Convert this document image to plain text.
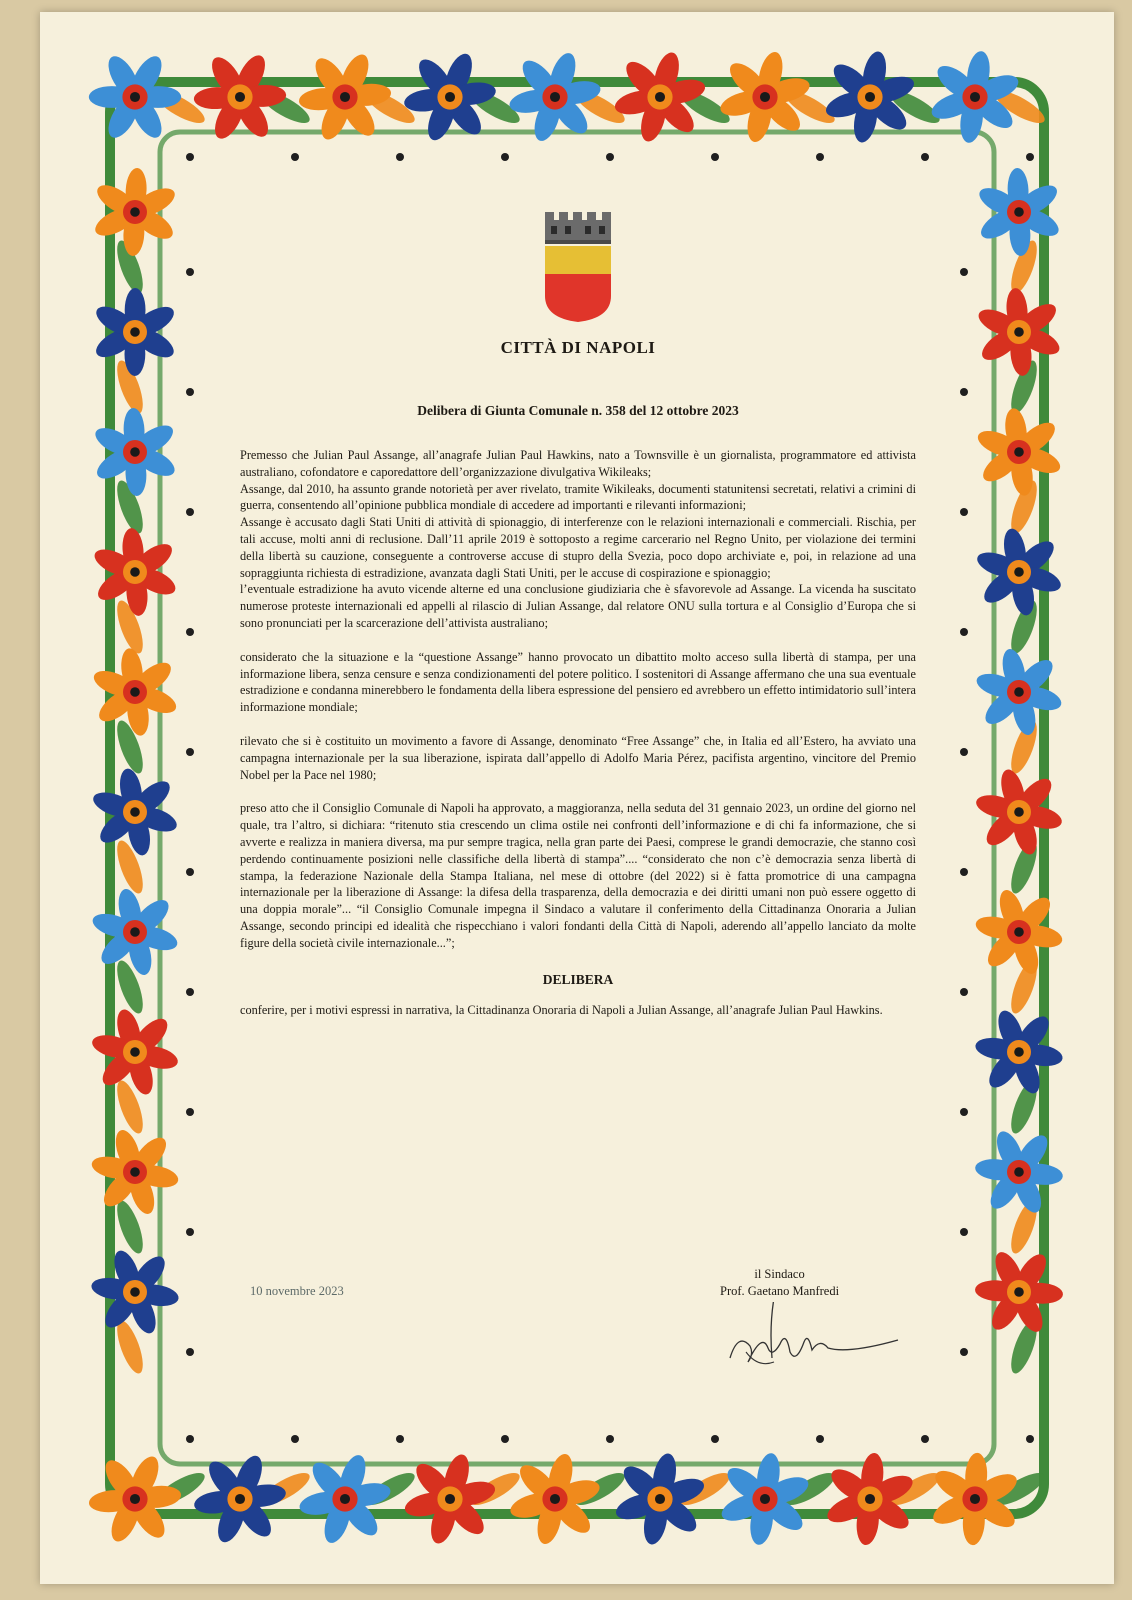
CITTÀ DI NAPOLI
Delibera di Giunta Comunale n. 358 del 12 ottobre 2023

Premesso che Julian Paul Assange, all’anagrafe Julian Paul Hawkins, nato a Townsville è un giornalista, programmatore ed attivista australiano, cofondatore e caporedattore dell’organizzazione divulgativa Wikileaks;

Assange, dal 2010, ha assunto grande notorietà per aver rivelato, tramite Wikileaks, documenti statunitensi secretati, relativi a crimini di guerra, consentendo all’opinione pubblica mondiale di accedere ad importanti e rilevanti informazioni;

Assange è accusato dagli Stati Uniti di attività di spionaggio, di interferenze con le relazioni internazionali e commerciali. Rischia, per tali accuse, molti anni di reclusione. Dall’11 aprile 2019 è sottoposto a regime carcerario nel Regno Unito, per violazione dei termini della libertà su cauzione, conseguente a controverse accuse di stupro della Svezia, poco dopo archiviate e, poi, in relazione ad una sopraggiunta richiesta di estradizione, avanzata dagli Stati Uniti, per le accuse di cospirazione e spionaggio;

l’eventuale estradizione ha avuto vicende alterne ed una conclusione giudiziaria che è sfavorevole ad Assange. La vicenda ha suscitato numerose proteste internazionali ed appelli al rilascio di Julian Assange, dal relatore ONU sulla tortura e al Consiglio d’Europa che si sono pronunciati per la scarcerazione dell’attivista australiano;

considerato che la situazione e la “questione Assange” hanno provocato un dibattito molto acceso sulla libertà di stampa, per una informazione libera, senza censure e senza condizionamenti del potere politico. I sostenitori di Assange affermano che una sua eventuale estradizione e condanna minerebbero le fondamenta della libera espressione del pensiero ed avrebbero un effetto intimidatorio sull’intera informazione mondiale;

rilevato che si è costituito un movimento a favore di Assange, denominato “Free Assange” che, in Italia ed all’Estero, ha avviato una campagna internazionale per la sua liberazione, ispirata dall’appello di Adolfo Maria Pérez, pacifista argentino, vincitore del Premio Nobel per la Pace nel 1980;

preso atto che il Consiglio Comunale di Napoli ha approvato, a maggioranza, nella seduta del 31 gennaio 2023, un ordine del giorno nel quale, tra l’altro, si dichiara: “ritenuto stia crescendo un clima ostile nei confronti dell’informazione e di chi fa informazione, che si avverte e realizza in maniera diversa, ma pur sempre tragica, nella gran parte dei Paesi, comprese le grandi democrazie, che stanno così perdendo continuamente posizioni nelle classifiche della libertà di stampa”.... “considerato che non c’è democrazia senza libertà di stampa, la federazione Nazionale della Stampa Italiana, nel mese di ottobre (del 2022) si è fatta promotrice di una campagna internazionale per la liberazione di Assange: la difesa della trasparenza, della democrazia e dei diritti umani non può essere oggetto di una doppia morale”... “il Consiglio Comunale impegna il Sindaco a valutare il conferimento della Cittadinanza Onoraria a Julian Assange, secondo principi ed idealità che rispecchiano i valori fondanti della Città di Napoli, aderendo all’appello lanciato da molte figure della società civile internazionale...”;

DELIBERA

conferire, per i motivi espressi in narrativa, la Cittadinanza Onoraria di Napoli a Julian Assange, all’anagrafe Julian Paul Hawkins.

10 novembre 2023
il Sindaco
Prof. Gaetano Manfredi
